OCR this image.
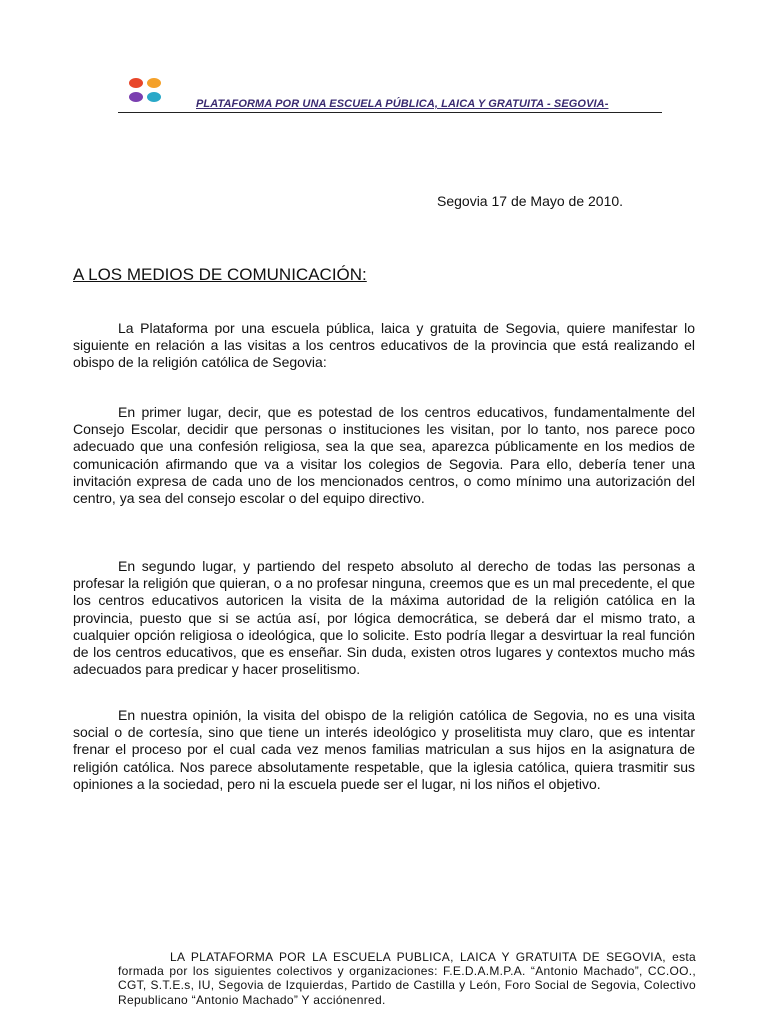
PLATAFORMA POR UNA ESCUELA PÚBLICA, LAICA Y GRATUITA - SEGOVIA-
Segovia 17 de Mayo de 2010.
A LOS MEDIOS DE COMUNICACIÓN:

La Plataforma por una escuela pública, laica y gratuita de Segovia, quiere manifestar lo siguiente en relación a las visitas a los centros educativos de la provincia que está realizando el obispo de la religión católica de Segovia:

En primer lugar, decir, que es potestad de los centros educativos, fundamentalmente del Consejo Escolar, decidir que personas o instituciones les visitan, por lo tanto, nos parece poco adecuado que una confesión religiosa, sea la que sea, aparezca públicamente en los medios de comunicación afirmando que va a visitar los colegios de Segovia. Para ello, debería tener una invitación expresa de cada uno de los mencionados centros, o como mínimo una autorización del centro, ya sea del consejo escolar o del equipo directivo.

En segundo lugar, y partiendo del respeto absoluto al derecho de todas las personas a profesar la religión que quieran, o a no profesar ninguna, creemos que es un mal precedente, el que los centros educativos autoricen la visita de la máxima autoridad de la religión católica en la provincia, puesto que si se actúa así, por lógica democrática, se deberá dar el mismo trato, a cualquier opción religiosa o ideológica, que lo solicite. Esto podría llegar a desvirtuar la real función de los centros educativos, que es enseñar. Sin duda, existen otros lugares y contextos mucho más adecuados para predicar y hacer proselitismo.

En nuestra opinión, la visita del obispo de la religión católica de Segovia, no es una visita social o de cortesía, sino que tiene un interés ideológico y proselitista muy claro, que es intentar frenar el proceso por el cual cada vez menos familias matriculan a sus hijos en la asignatura de religión católica. Nos parece absolutamente respetable, que la iglesia católica, quiera trasmitir sus opiniones a la sociedad, pero ni la escuela puede ser el lugar, ni los niños el objetivo.

LA PLATAFORMA POR LA ESCUELA PUBLICA, LAICA Y GRATUITA DE SEGOVIA, esta formada por los siguientes colectivos y organizaciones: F.E.D.A.M.P.A. “Antonio Machado”, CC.OO., CGT, S.T.E.s, IU, Segovia de Izquierdas, Partido de Castilla y León, Foro Social de Segovia, Colectivo Republicano “Antonio Machado” Y acciónenred.
